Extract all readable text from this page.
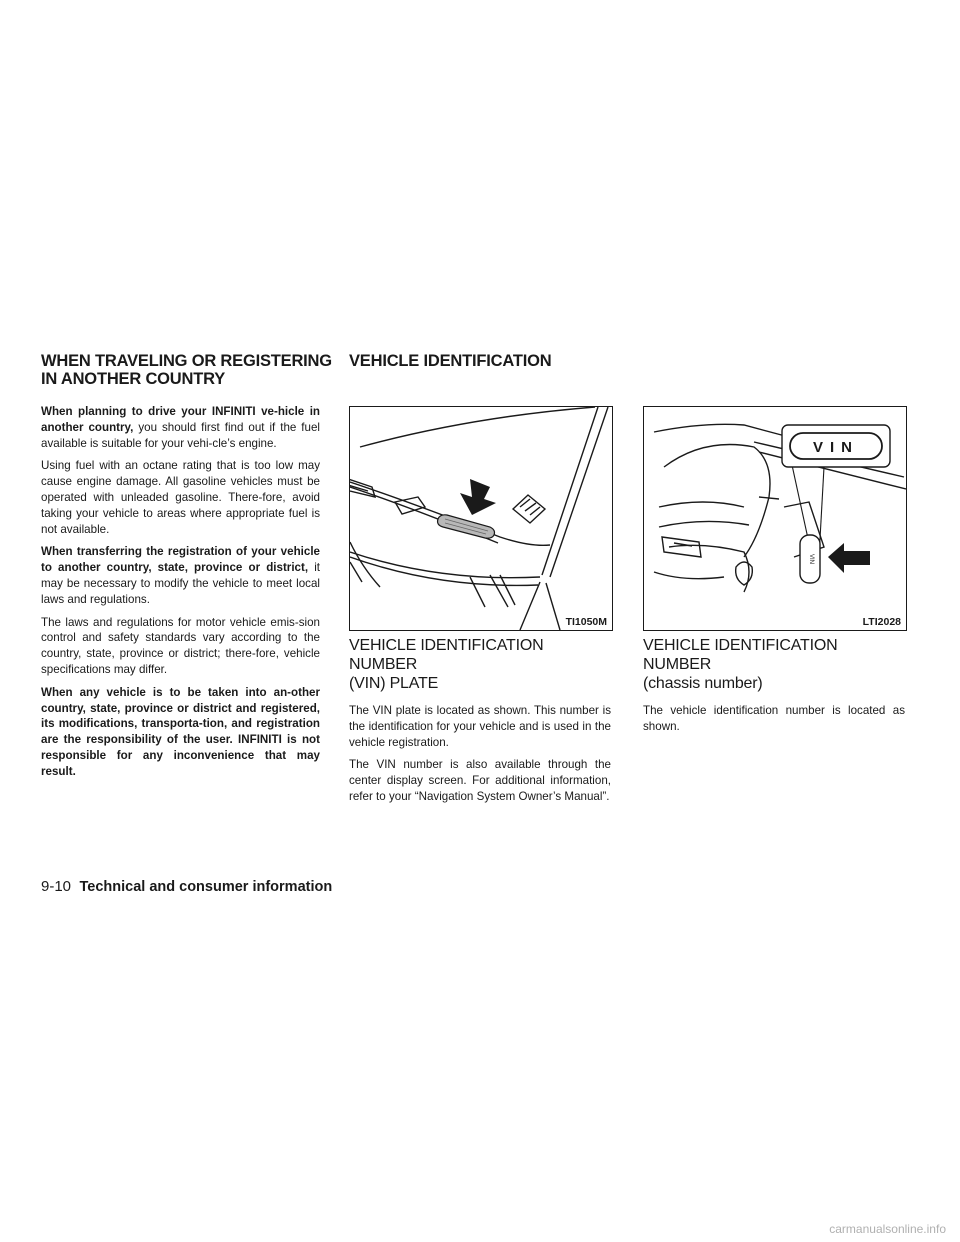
WHEN TRAVELING OR REGISTERING
IN ANOTHER COUNTRY

When planning to drive your INFINITI ve-hicle in another country, you should first find out if the fuel available is suitable for your vehi-cle’s engine.

Using fuel with an octane rating that is too low may cause engine damage. All gasoline vehicles must be operated with unleaded gasoline. There-fore, avoid taking your vehicle to areas where appropriate fuel is not available.

When transferring the registration of your vehicle to another country, state, province or district, it may be necessary to modify the vehicle to meet local laws and regulations.

The laws and regulations for motor vehicle emis-sion control and safety standards vary according to the country, state, province or district; there-fore, vehicle specifications may differ.

When any vehicle is to be taken into an-other country, state, province or district and registered, its modifications, transporta-tion, and registration are the responsibility of the user. INFINITI is not responsible for any inconvenience that may result.

VEHICLE IDENTIFICATION
TI1050M
VIN
VIN
LTI2028
VEHICLE IDENTIFICATION NUMBER
(VIN) PLATE

The VIN plate is located as shown. This number is the identification for your vehicle and is used in the vehicle registration.

The VIN number is also available through the center display screen. For additional information, refer to your “Navigation System Owner’s Manual”.

VEHICLE IDENTIFICATION NUMBER
(chassis number)

The vehicle identification number is located as shown.

9-10 Technical and consumer information
carmanualsonline.info
